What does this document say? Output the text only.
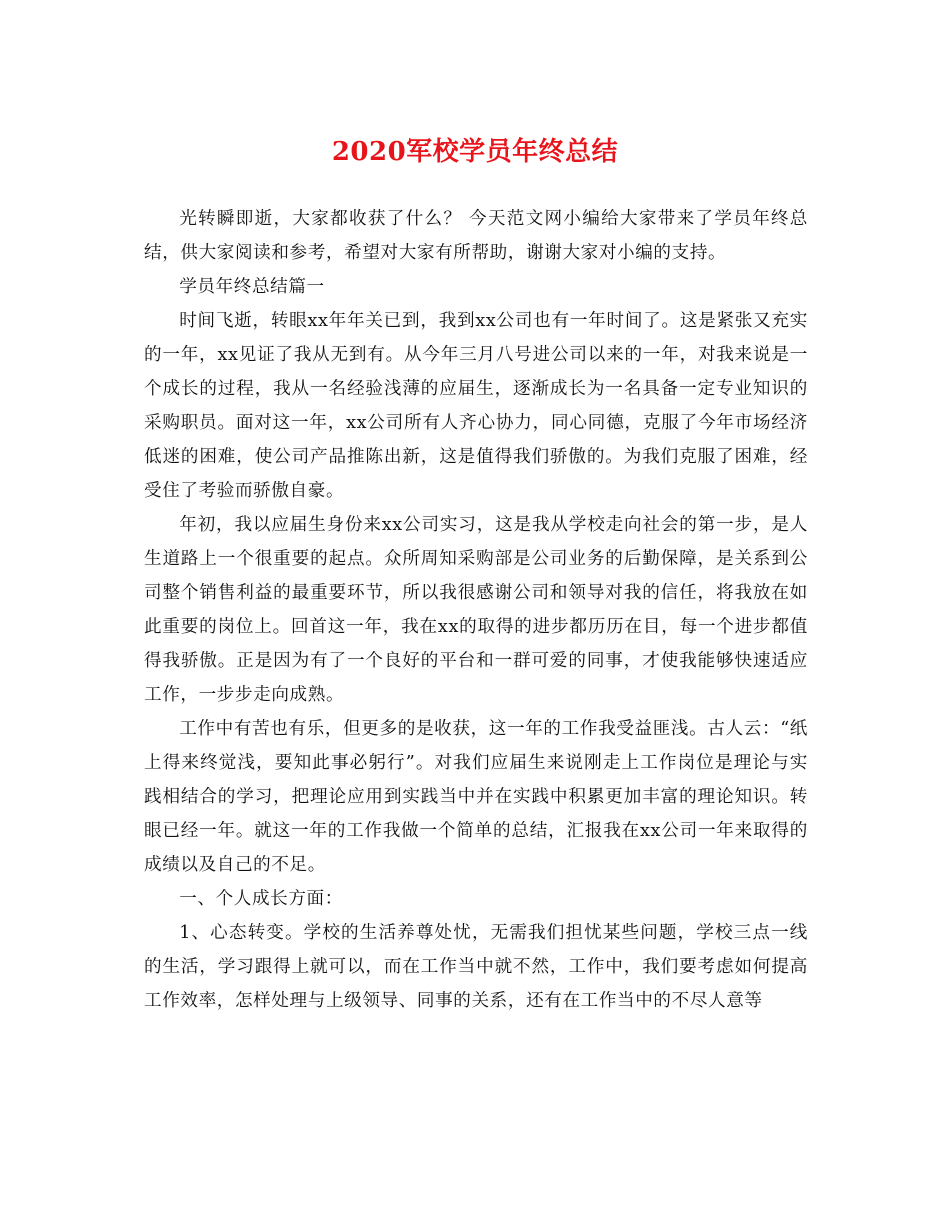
2020军校学员年终总结

光转瞬即逝，大家都收获了什么？ 今天范文网小编给大家带来了学员年终总结，供大家阅读和参考，希望对大家有所帮助，谢谢大家对小编的支持。

学员年终总结篇一

时间飞逝，转眼xx年年关已到，我到xx公司也有一年时间了。这是紧张又充实的一年，xx见证了我从无到有。从今年三月八号进公司以来的一年，对我来说是一个成长的过程，我从一名经验浅薄的应届生，逐渐成长为一名具备一定专业知识的采购职员。面对这一年，xx公司所有人齐心协力，同心同德，克服了今年市场经济低迷的困难，使公司产品推陈出新，这是值得我们骄傲的。为我们克服了困难，经受住了考验而骄傲自豪。

年初，我以应届生身份来xx公司实习，这是我从学校走向社会的第一步，是人生道路上一个很重要的起点。众所周知采购部是公司业务的后勤保障，是关系到公司整个销售利益的最重要环节，所以我很感谢公司和领导对我的信任，将我放在如此重要的岗位上。回首这一年，我在xx的取得的进步都历历在目，每一个进步都值得我骄傲。正是因为有了一个良好的平台和一群可爱的同事，才使我能够快速适应工作，一步步走向成熟。

工作中有苦也有乐，但更多的是收获，这一年的工作我受益匪浅。古人云：“纸上得来终觉浅，要知此事必躬行”。对我们应届生来说刚走上工作岗位是理论与实践相结合的学习，把理论应用到实践当中并在实践中积累更加丰富的理论知识。转眼已经一年。就这一年的工作我做一个简单的总结，汇报我在xx公司一年来取得的成绩以及自己的不足。

一、个人成长方面：

1、心态转变。学校的生活养尊处忧，无需我们担忧某些问题，学校三点一线的生活，学习跟得上就可以，而在工作当中就不然，工作中，我们要考虑如何提高工作效率，怎样处理与上级领导、同事的关系，还有在工作当中的不尽人意等
